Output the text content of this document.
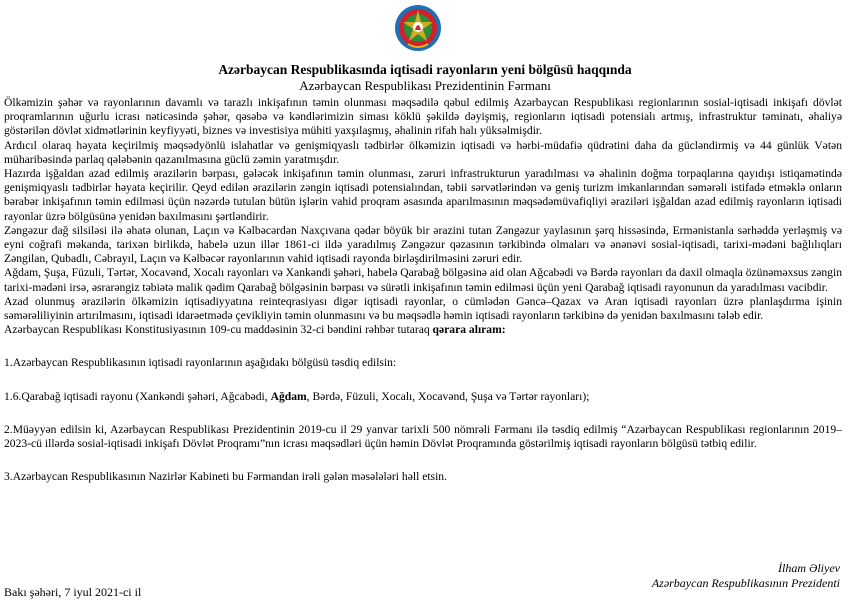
Azərbaycan Respublikasında iqtisadi rayonların yeni bölgüsü haqqında
Azərbaycan Respublikası Prezidentinin Fərmanı

Ölkəmizin şəhər və rayonlarının davamlı və tarazlı inkişafının təmin olunması məqsədilə qəbul edilmiş Azərbaycan Respublikası regionlarının sosial-iqtisadi inkişafı dövlət proqramlarının uğurlu icrası nəticəsində şəhər, qəsəbə və kəndlərimizin siması köklü şəkildə dəyişmiş, regionların iqtisadi potensialı artmış, infrastruktur təminatı, əhaliyə göstərilən dövlət xidmətlərinin keyfiyyəti, biznes və investisiya mühiti yaxşılaşmış, əhalinin rifah halı yüksəlmişdir.

Ardıcıl olaraq həyata keçirilmiş məqsədyönlü islahatlar və genişmiqyaslı tədbirlər ölkəmizin iqtisadi və hərbi-müdafiə qüdrətini daha da gücləndirmiş və 44 günlük Vətən müharibəsində parlaq qələbənin qazanılmasına güclü zəmin yaratmışdır.

Hazırda işğaldan azad edilmiş ərazilərin bərpası, gələcək inkişafının təmin olunması, zəruri infrastrukturun yaradılması və əhalinin doğma torpaqlarına qayıdışı istiqamətində genişmiqyaslı tədbirlər həyata keçirilir. Qeyd edilən ərazilərin zəngin iqtisadi potensialından, təbii sərvətlərindən və geniş turizm imkanlarından səmərəli istifadə etməklə onların bərabər inkişafının təmin edilməsi üçün nəzərdə tutulan bütün işlərin vahid proqram əsasında aparılmasının məqsədəmüvafiqliyi əraziləri işğaldan azad edilmiş rayonların iqtisadi rayonlar üzrə bölgüsünə yenidən baxılmasını şərtləndirir.

Zəngəzur dağ silsiləsi ilə əhatə olunan, Laçın və Kəlbəcərdən Naxçıvana qədər böyük bir ərazini tutan Zəngəzur yaylasının şərq hissəsində, Ermənistanla sərhəddə yerləşmiş və eyni coğrafi məkanda, tarixən birlikdə, habelə uzun illər 1861-ci ildə yaradılmış Zəngəzur qəzasının tərkibində olmaları və ənənəvi sosial-iqtisadi, tarixi-mədəni bağlılıqları Zəngilan, Qubadlı, Cəbrayıl, Laçın və Kəlbəcər rayonlarının vahid iqtisadi rayonda birləşdirilməsini zəruri edir.

Ağdam, Şuşa, Füzuli, Tərtər, Xocavənd, Xocalı rayonları və Xankəndi şəhəri, habelə Qarabağ bölgəsinə aid olan Ağcabədi və Bərdə rayonları da daxil olmaqla özünəməxsus zəngin tarixi-mədəni irsə, əsrarəngiz təbiətə malik qədim Qarabağ bölgəsinin bərpası və sürətli inkişafının təmin edilməsi üçün yeni Qarabağ iqtisadi rayonunun da yaradılması vacibdir.

Azad olunmuş ərazilərin ölkəmizin iqtisadiyyatına reinteqrasiyası digər iqtisadi rayonlar, o cümlədən Gəncə–Qazax və Aran iqtisadi rayonları üzrə planlaşdırma işinin səmərəliliyinin artırılmasını, iqtisadi idarəetmədə çevikliyin təmin olunmasını və bu məqsədlə həmin iqtisadi rayonların tərkibinə də yenidən baxılmasını tələb edir.

Azərbaycan Respublikası Konstitusiyasının 109-cu maddəsinin 32-ci bəndini rəhbər tutaraq qərara alıram:

1.Azərbaycan Respublikasının iqtisadi rayonlarının aşağıdakı bölgüsü təsdiq edilsin:

1.6.Qarabağ iqtisadi rayonu (Xankəndi şəhəri, Ağcabədi, Ağdam, Bərdə, Füzuli, Xocalı, Xocavənd, Şuşa və Tərtər rayonları);

2.Müəyyən edilsin ki, Azərbaycan Respublikası Prezidentinin 2019-cu il 29 yanvar tarixli 500 nömrəli Fərmanı ilə təsdiq edilmiş “Azərbaycan Respublikası regionlarının 2019–2023-cü illərdə sosial-iqtisadi inkişafı Dövlət Proqramı”nın icrası məqsədləri üçün həmin Dövlət Proqramında göstərilmiş iqtisadi rayonların bölgüsü tətbiq edilir.

3.Azərbaycan Respublikasının Nazirlər Kabineti bu Fərmandan irəli gələn məsələləri həll etsin.

İlham Əliyev
Azərbaycan Respublikasının Prezidenti
Bakı şəhəri, 7 iyul 2021-ci il
